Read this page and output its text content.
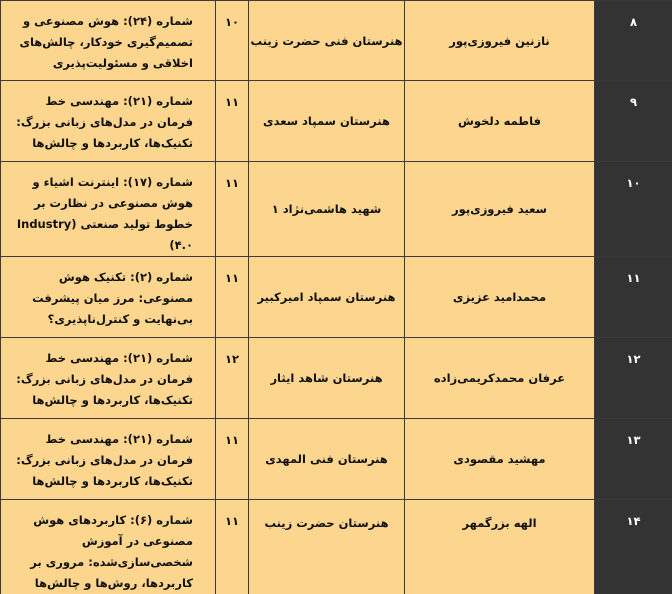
۸	نازنین فیروزی‌پور	هنرستان فنی حضرت زینب	۱۰	شماره (۲۴): هوش مصنوعی و تصمیم‌گیری خودکار، چالش‌های اخلاقی و مسئولیت‌پذیری
۹	فاطمه دلخوش	هنرستان سمپاد سعدی	۱۱	شماره (۲۱): مهندسی خط فرمان در مدل‌های زبانی بزرگ: تکنیک‌ها، کاربردها و چالش‌ها
۱۰	سعید فیروزی‌پور	شهید هاشمی‌نژاد ۱	۱۱	شماره (۱۷): اینترنت اشیاء و هوش مصنوعی در نظارت بر خطوط تولید صنعتی (Industry ۴.۰)
۱۱	محمدامید عزیزی	هنرستان سمپاد امیرکبیر	۱۱	شماره (۲): تکنیک هوش مصنوعی: مرز میان پیشرفت بی‌نهایت و کنترل‌ناپذیری؟
۱۲	عرفان محمدکریمی‌زاده	هنرستان شاهد ایثار	۱۲	شماره (۲۱): مهندسی خط فرمان در مدل‌های زبانی بزرگ: تکنیک‌ها، کاربردها و چالش‌ها
۱۳	مهشید مقصودی	هنرستان فنی المهدی	۱۱	شماره (۲۱): مهندسی خط فرمان در مدل‌های زبانی بزرگ: تکنیک‌ها، کاربردها و چالش‌ها
۱۴	الهه بزرگمهر	هنرستان حضرت زینب	۱۱	شماره (۶): کاربردهای هوش مصنوعی در آموزش شخصی‌سازی‌شده: مروری بر کاربردها، روش‌ها و چالش‌ها
